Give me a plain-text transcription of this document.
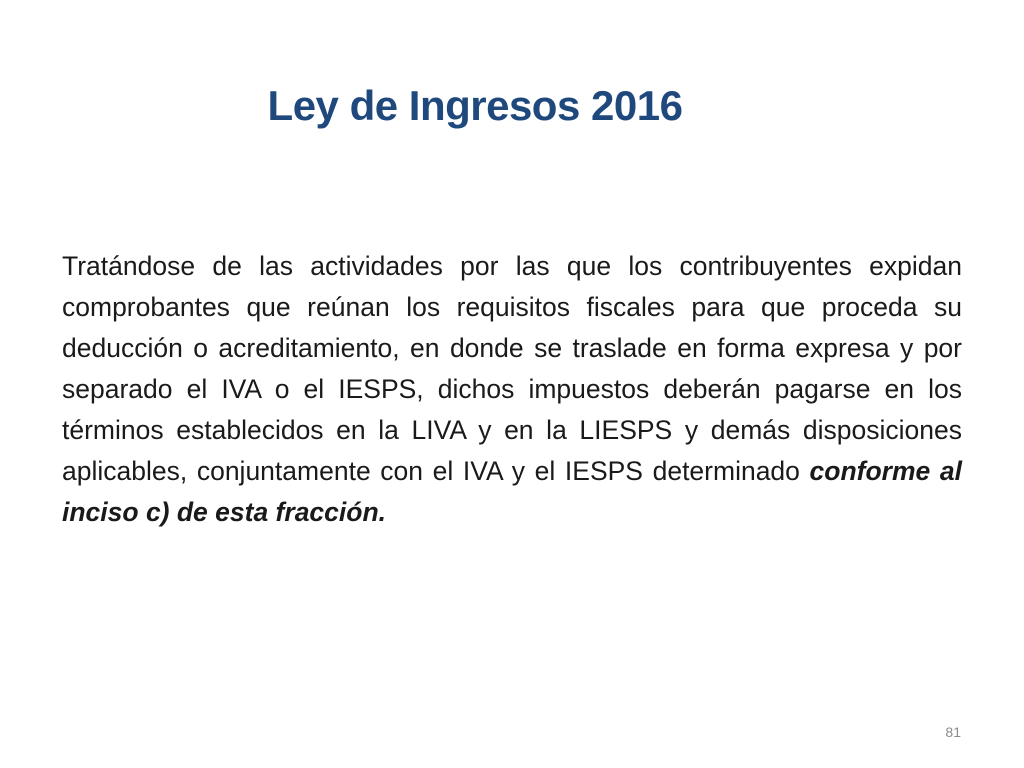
Ley de Ingresos 2016

Tratándose de las actividades por las que los contribuyentes expidan comprobantes que reúnan los requisitos fiscales para que proceda su deducción o acreditamiento, en donde se traslade en forma expresa y por separado el IVA o el IESPS, dichos impuestos deberán pagarse en los términos establecidos en la LIVA y en la LIESPS y demás disposiciones aplicables, conjuntamente con el IVA y el IESPS determinado conforme al inciso c) de esta fracción.

81
